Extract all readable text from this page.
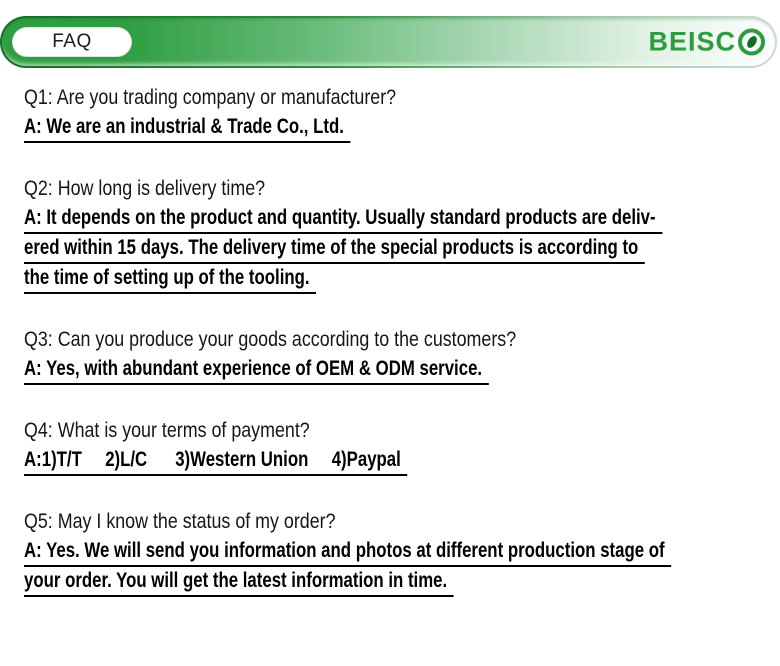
FAQ	BEISC

Q1: Are you trading company or manufacturer?

A: We are an industrial & Trade Co., Ltd.

Q2: How long is delivery time?

A: It depends on the product and quantity. Usually standard products are deliv-
ered within 15 days. The delivery time of the special products is according to
the time of setting up of the tooling.

Q3: Can you produce your goods according to the customers?

A: Yes, with abundant experience of OEM & ODM service.

Q4: What is your terms of payment?

A:1)T/T     2)L/C      3)Western Union     4)Paypal

Q5: May I know the status of my order?

A: Yes. We will send you information and photos at different production stage of
your order. You will get the latest information in time.
